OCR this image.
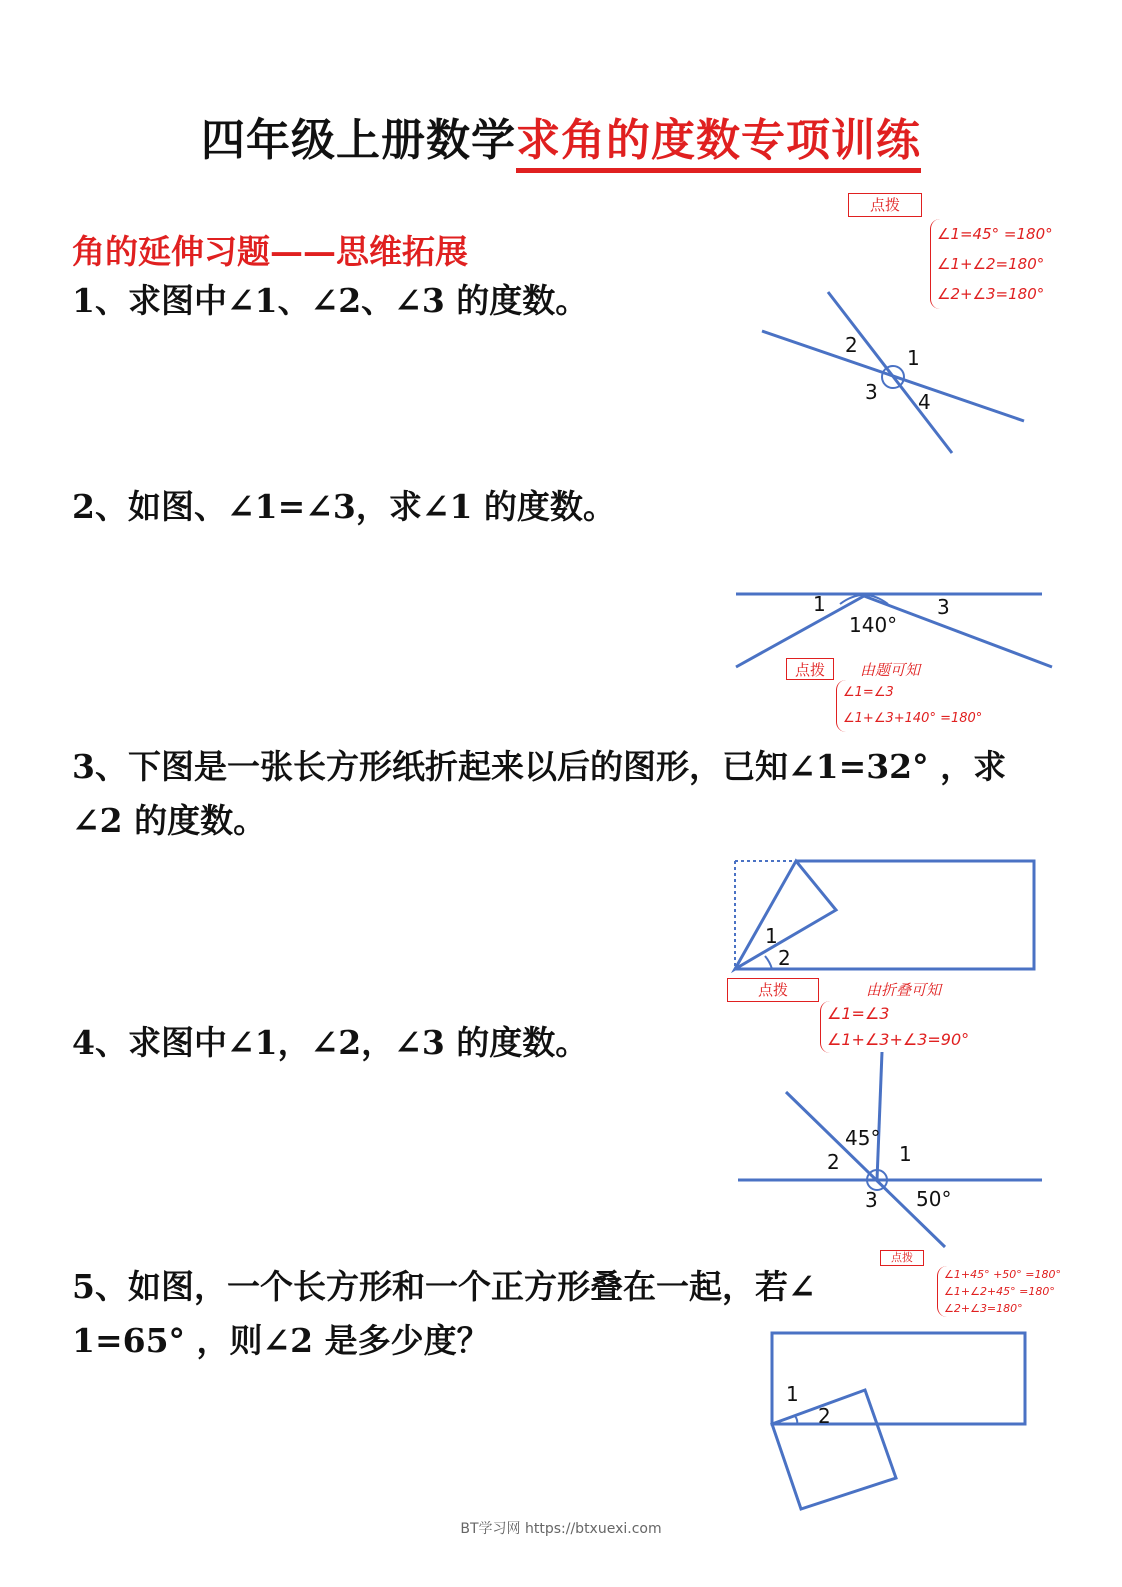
四年级上册数学求角的度数专项训练
角的延伸习题——思维拓展
1、求图中∠1、∠2、∠3 的度数。
点拨
∠1=45° =180°
∠1+∠2=180°
∠2+∠3=180°
2
1
3 4
2、如图、∠1=∠3，求∠1 的度数。
1	3
140°
点拨	由题可知
∠1=∠3
∠1+∠3+140° =180°
3、下图是一张长方形纸折起来以后的图形，已知∠1=32° ，求
∠2 的度数。
1
2
点拨	由折叠可知
∠1=∠3
∠1+∠3+∠3=90°
4、求图中∠1，∠2，∠3 的度数。
45°
2	1
3 50°
点拨
∠1+45° +50° =180°
∠1+∠2+45° =180°
∠2+∠3=180°
5、如图，一个长方形和一个正方形叠在一起，若∠
1=65° ，则∠2 是多少度？
1
2
BT学习网 https://btxuexi.com
